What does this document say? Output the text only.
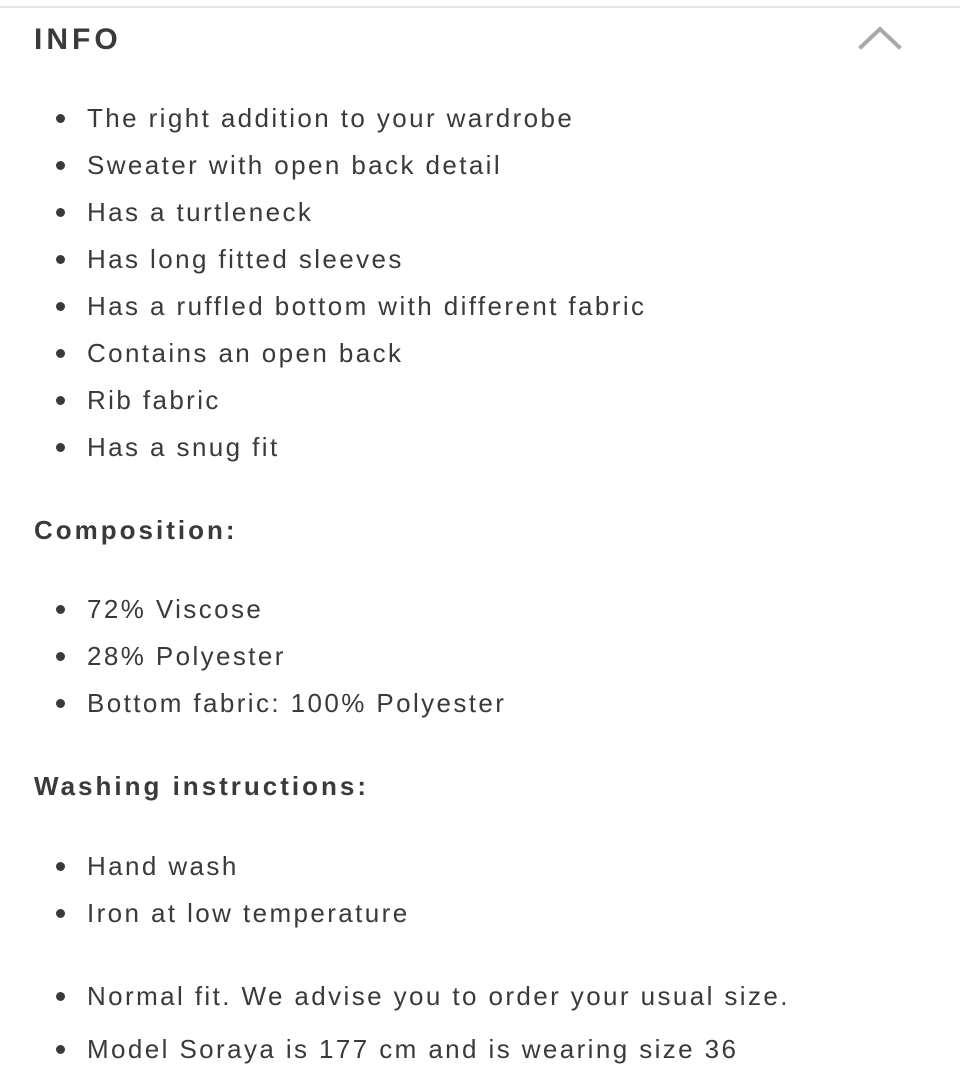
INFO
The right addition to your wardrobe
Sweater with open back detail
Has a turtleneck
Has long fitted sleeves
Has a ruffled bottom with different fabric
Contains an open back
Rib fabric
Has a snug fit
Composition:
72% Viscose
28% Polyester
Bottom fabric: 100% Polyester
Washing instructions:
Hand wash
Iron at low temperature
Normal fit. We advise you to order your usual size.
Model Soraya is 177 cm and is wearing size 36
